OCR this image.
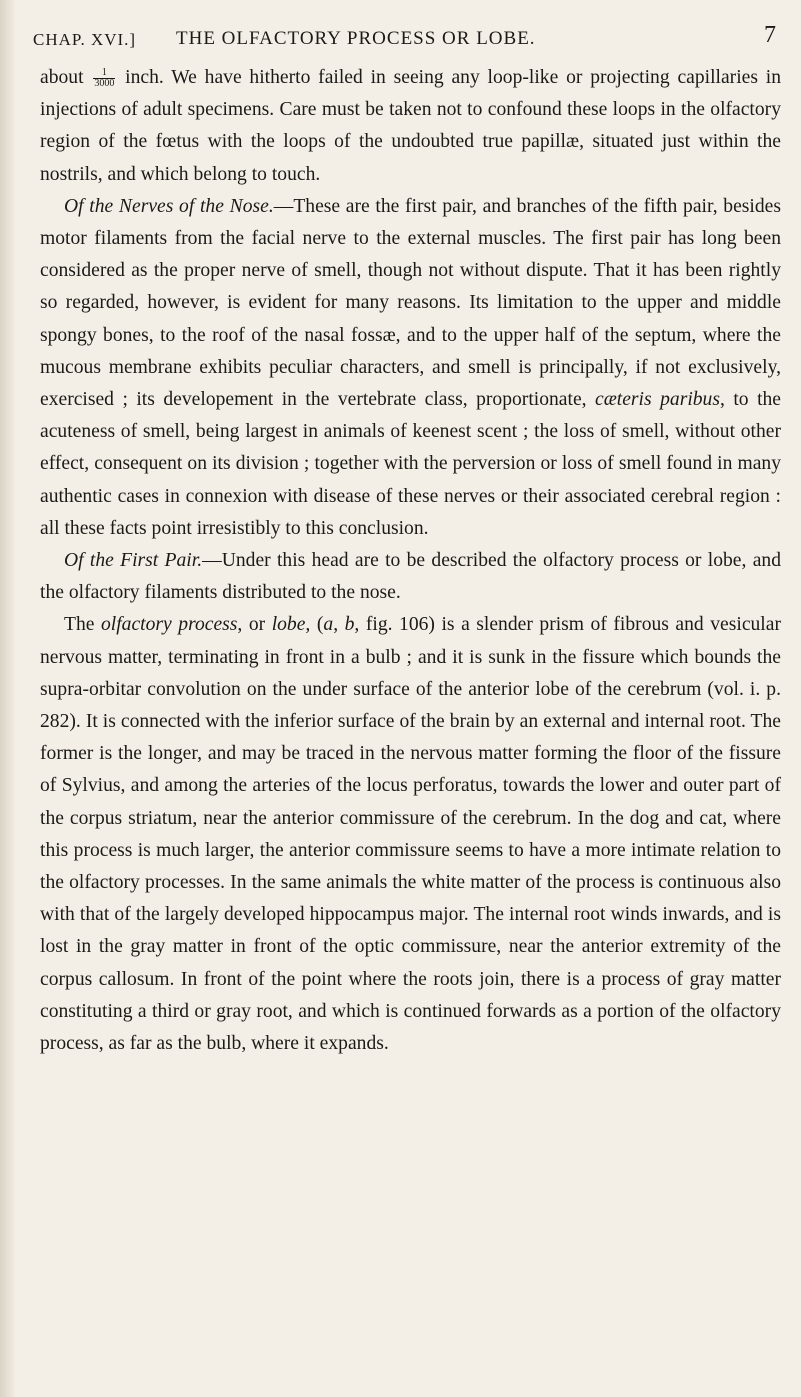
CHAP. XVI.] THE OLFACTORY PROCESS OR LOBE.	7

about $\frac{1}{3000}$ inch. We have hitherto failed in seeing any loop-like or projecting capillaries in injections of adult specimens. Care must be taken not to confound these loops in the olfactory region of the fœtus with the loops of the undoubted true papillæ, situated just within the nostrils, and which belong to touch.

Of the Nerves of the Nose.—These are the first pair, and branches of the fifth pair, besides motor filaments from the facial nerve to the external muscles. The first pair has long been considered as the proper nerve of smell, though not without dispute. That it has been rightly so regarded, however, is evident for many reasons. Its limitation to the upper and middle spongy bones, to the roof of the nasal fossæ, and to the upper half of the septum, where the mucous membrane exhibits peculiar characters, and smell is principally, if not exclusively, exercised ; its developement in the vertebrate class, proportionate, cæteris paribus, to the acuteness of smell, being largest in animals of keenest scent ; the loss of smell, without other effect, consequent on its division ; together with the perversion or loss of smell found in many authentic cases in connexion with disease of these nerves or their associated cerebral region : all these facts point irresistibly to this conclusion.

Of the First Pair.—Under this head are to be described the olfactory process or lobe, and the olfactory filaments distributed to the nose.

The olfactory process, or lobe, (a, b, fig. 106) is a slender prism of fibrous and vesicular nervous matter, terminating in front in a bulb ; and it is sunk in the fissure which bounds the supra-orbitar convolution on the under surface of the anterior lobe of the cerebrum (vol. i. p. 282). It is connected with the inferior surface of the brain by an external and internal root. The former is the longer, and may be traced in the nervous matter forming the floor of the fissure of Sylvius, and among the arteries of the locus perforatus, towards the lower and outer part of the corpus striatum, near the anterior commissure of the cerebrum. In the dog and cat, where this process is much larger, the anterior commissure seems to have a more intimate relation to the olfactory processes. In the same animals the white matter of the process is continuous also with that of the largely developed hippocampus major. The internal root winds inwards, and is lost in the gray matter in front of the optic commissure, near the anterior extremity of the corpus callosum. In front of the point where the roots join, there is a process of gray matter constituting a third or gray root, and which is continued forwards as a portion of the olfactory process, as far as the bulb, where it expands.
